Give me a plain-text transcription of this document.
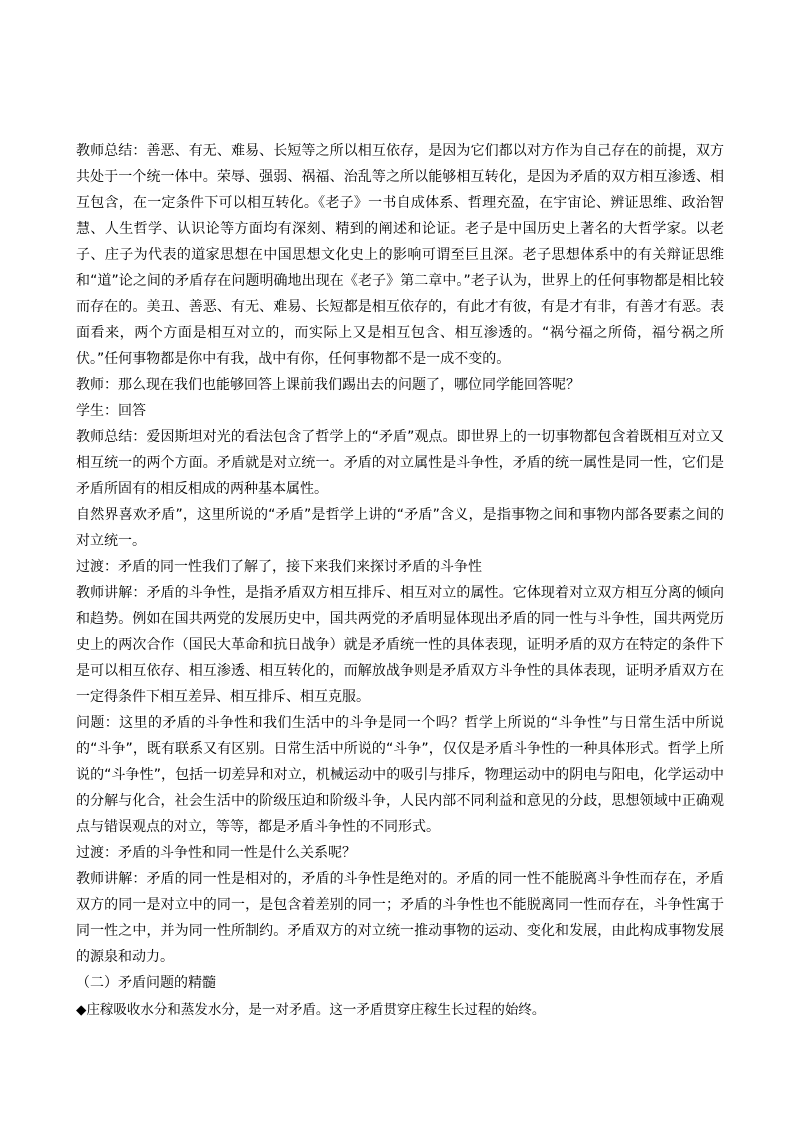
教师总结：善恶、有无、难易、长短等之所以相互依存，是因为它们都以对方作为自己存在的前提，双方共处于一个统一体中。荣辱、强弱、祸福、治乱等之所以能够相互转化，是因为矛盾的双方相互渗透、相互包含，在一定条件下可以相互转化。《老子》一书自成体系、哲理充盈，在宇宙论、辨证思维、政治智慧、人生哲学、认识论等方面均有深刻、精到的阐述和论证。老子是中国历史上著名的大哲学家。以老子、庄子为代表的道家思想在中国思想文化史上的影响可谓至巨且深。老子思想体系中的有关辩证思维和“道”论之间的矛盾存在问题明确地出现在《老子》第二章中。”老子认为，世界上的任何事物都是相比较而存在的。美丑、善恶、有无、难易、长短都是相互依存的，有此才有彼，有是才有非，有善才有恶。表面看来，两个方面是相互对立的，而实际上又是相互包含、相互渗透的。“祸兮福之所倚，福兮祸之所伏。”任何事物都是你中有我，战中有你，任何事物都不是一成不变的。

教师：那么现在我们也能够回答上课前我们踢出去的问题了，哪位同学能回答呢？

学生：回答

教师总结：爱因斯坦对光的看法包含了哲学上的“矛盾”观点。即世界上的一切事物都包含着既相互对立又相互统一的两个方面。矛盾就是对立统一。矛盾的对立属性是斗争性，矛盾的统一属性是同一性，它们是矛盾所固有的相反相成的两种基本属性。

自然界喜欢矛盾”，这里所说的“矛盾”是哲学上讲的“矛盾”含义，是指事物之间和事物内部各要素之间的对立统一。

过渡：矛盾的同一性我们了解了，接下来我们来探讨矛盾的斗争性

教师讲解：矛盾的斗争性，是指矛盾双方相互排斥、相互对立的属性。它体现着对立双方相互分离的倾向和趋势。例如在国共两党的发展历史中，国共两党的矛盾明显体现出矛盾的同一性与斗争性，国共两党历史上的两次合作（国民大革命和抗日战争）就是矛盾统一性的具体表现，证明矛盾的双方在特定的条件下是可以相互依存、相互渗透、相互转化的，而解放战争则是矛盾双方斗争性的具体表现，证明矛盾双方在一定得条件下相互差异、相互排斥、相互克服。

问题：这里的矛盾的斗争性和我们生活中的斗争是同一个吗？哲学上所说的“斗争性”与日常生活中所说的“斗争”，既有联系又有区别。日常生活中所说的“斗争”，仅仅是矛盾斗争性的一种具体形式。哲学上所说的“斗争性”，包括一切差异和对立，机械运动中的吸引与排斥，物理运动中的阴电与阳电，化学运动中的分解与化合，社会生活中的阶级压迫和阶级斗争，人民内部不同利益和意见的分歧，思想领域中正确观点与错误观点的对立，等等，都是矛盾斗争性的不同形式。

过渡：矛盾的斗争性和同一性是什么关系呢？

教师讲解：矛盾的同一性是相对的，矛盾的斗争性是绝对的。矛盾的同一性不能脱离斗争性而存在，矛盾双方的同一是对立中的同一，是包含着差别的同一；矛盾的斗争性也不能脱离同一性而存在，斗争性寓于同一性之中，并为同一性所制约。矛盾双方的对立统一推动事物的运动、变化和发展，由此构成事物发展的源泉和动力。

（二）矛盾问题的精髓

◆庄稼吸收水分和蒸发水分，是一对矛盾。这一矛盾贯穿庄稼生长过程的始终。
